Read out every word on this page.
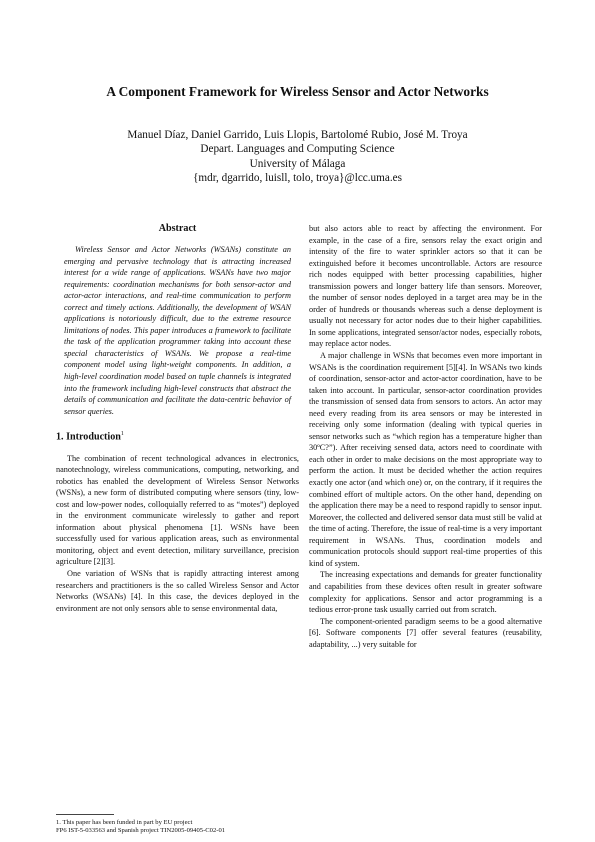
A Component Framework for Wireless Sensor and Actor Networks
Manuel Díaz, Daniel Garrido, Luis Llopis, Bartolomé Rubio, José M. Troya
Depart. Languages and Computing Science
University of Málaga
{mdr, dgarrido, luisll, tolo, troya}@lcc.uma.es
Abstract

Wireless Sensor and Actor Networks (WSANs) constitute an emerging and pervasive technology that is attracting increased interest for a wide range of applications. WSANs have two major requirements: coordination mechanisms for both sensor-actor and actor-actor interactions, and real-time communication to perform correct and timely actions. Additionally, the development of WSAN applications is notoriously difficult, due to the extreme resource limitations of nodes. This paper introduces a framework to facilitate the task of the application programmer taking into account these special characteristics of WSANs. We propose a real-time component model using light-weight components. In addition, a high-level coordination model based on tuple channels is integrated into the framework including high-level constructs that abstract the details of communication and facilitate the data-centric behavior of sensor queries.

1. Introduction$^1$

The combination of recent technological advances in electronics, nanotechnology, wireless communications, computing, networking, and robotics has enabled the development of Wireless Sensor Networks (WSNs), a new form of distributed computing where sensors (tiny, low-cost and low-power nodes, colloquially referred to as “motes”) deployed in the environment communicate wirelessly to gather and report information about physical phenomena [1]. WSNs have been successfully used for various application areas, such as environmental monitoring, object and event detection, military surveillance, precision agriculture [2][3].

One variation of WSNs that is rapidly attracting interest among researchers and practitioners is the so called Wireless Sensor and Actor Networks (WSANs) [4]. In this case, the devices deployed in the environment are not only sensors able to sense environmental data,

but also actors able to react by affecting the environment. For example, in the case of a fire, sensors relay the exact origin and intensity of the fire to water sprinkler actors so that it can be extinguished before it becomes uncontrollable. Actors are resource rich nodes equipped with better processing capabilities, higher transmission powers and longer battery life than sensors. Moreover, the number of sensor nodes deployed in a target area may be in the order of hundreds or thousands whereas such a dense deployment is usually not necessary for actor nodes due to their higher capabilities. In some applications, integrated sensor/actor nodes, especially robots, may replace actor nodes.

A major challenge in WSNs that becomes even more important in WSANs is the coordination requirement [5][4]. In WSANs two kinds of coordination, sensor-actor and actor-actor coordination, have to be taken into account. In particular, sensor-actor coordination provides the transmission of sensed data from sensors to actors. An actor may need every reading from its area sensors or may be interested in receiving only some information (dealing with typical queries in sensor networks such as “which region has a temperature higher than 30ºC?”). After receiving sensed data, actors need to coordinate with each other in order to make decisions on the most appropriate way to perform the action. It must be decided whether the action requires exactly one actor (and which one) or, on the contrary, if it requires the combined effort of multiple actors. On the other hand, depending on the application there may be a need to respond rapidly to sensor input. Moreover, the collected and delivered sensor data must still be valid at the time of acting. Therefore, the issue of real-time is a very important requirement in WSANs. Thus, coordination models and communication protocols should support real-time properties of this kind of system.

The increasing expectations and demands for greater functionality and capabilities from these devices often result in greater software complexity for applications. Sensor and actor programming is a tedious error-prone task usually carried out from scratch.

The component-oriented paradigm seems to be a good alternative [6]. Software components [7] offer several features (reusability, adaptability, ...) very suitable for

1. This paper has been funded in part by EU project
FP6 IST-5-033563 and Spanish project TIN2005-09405-C02-01
